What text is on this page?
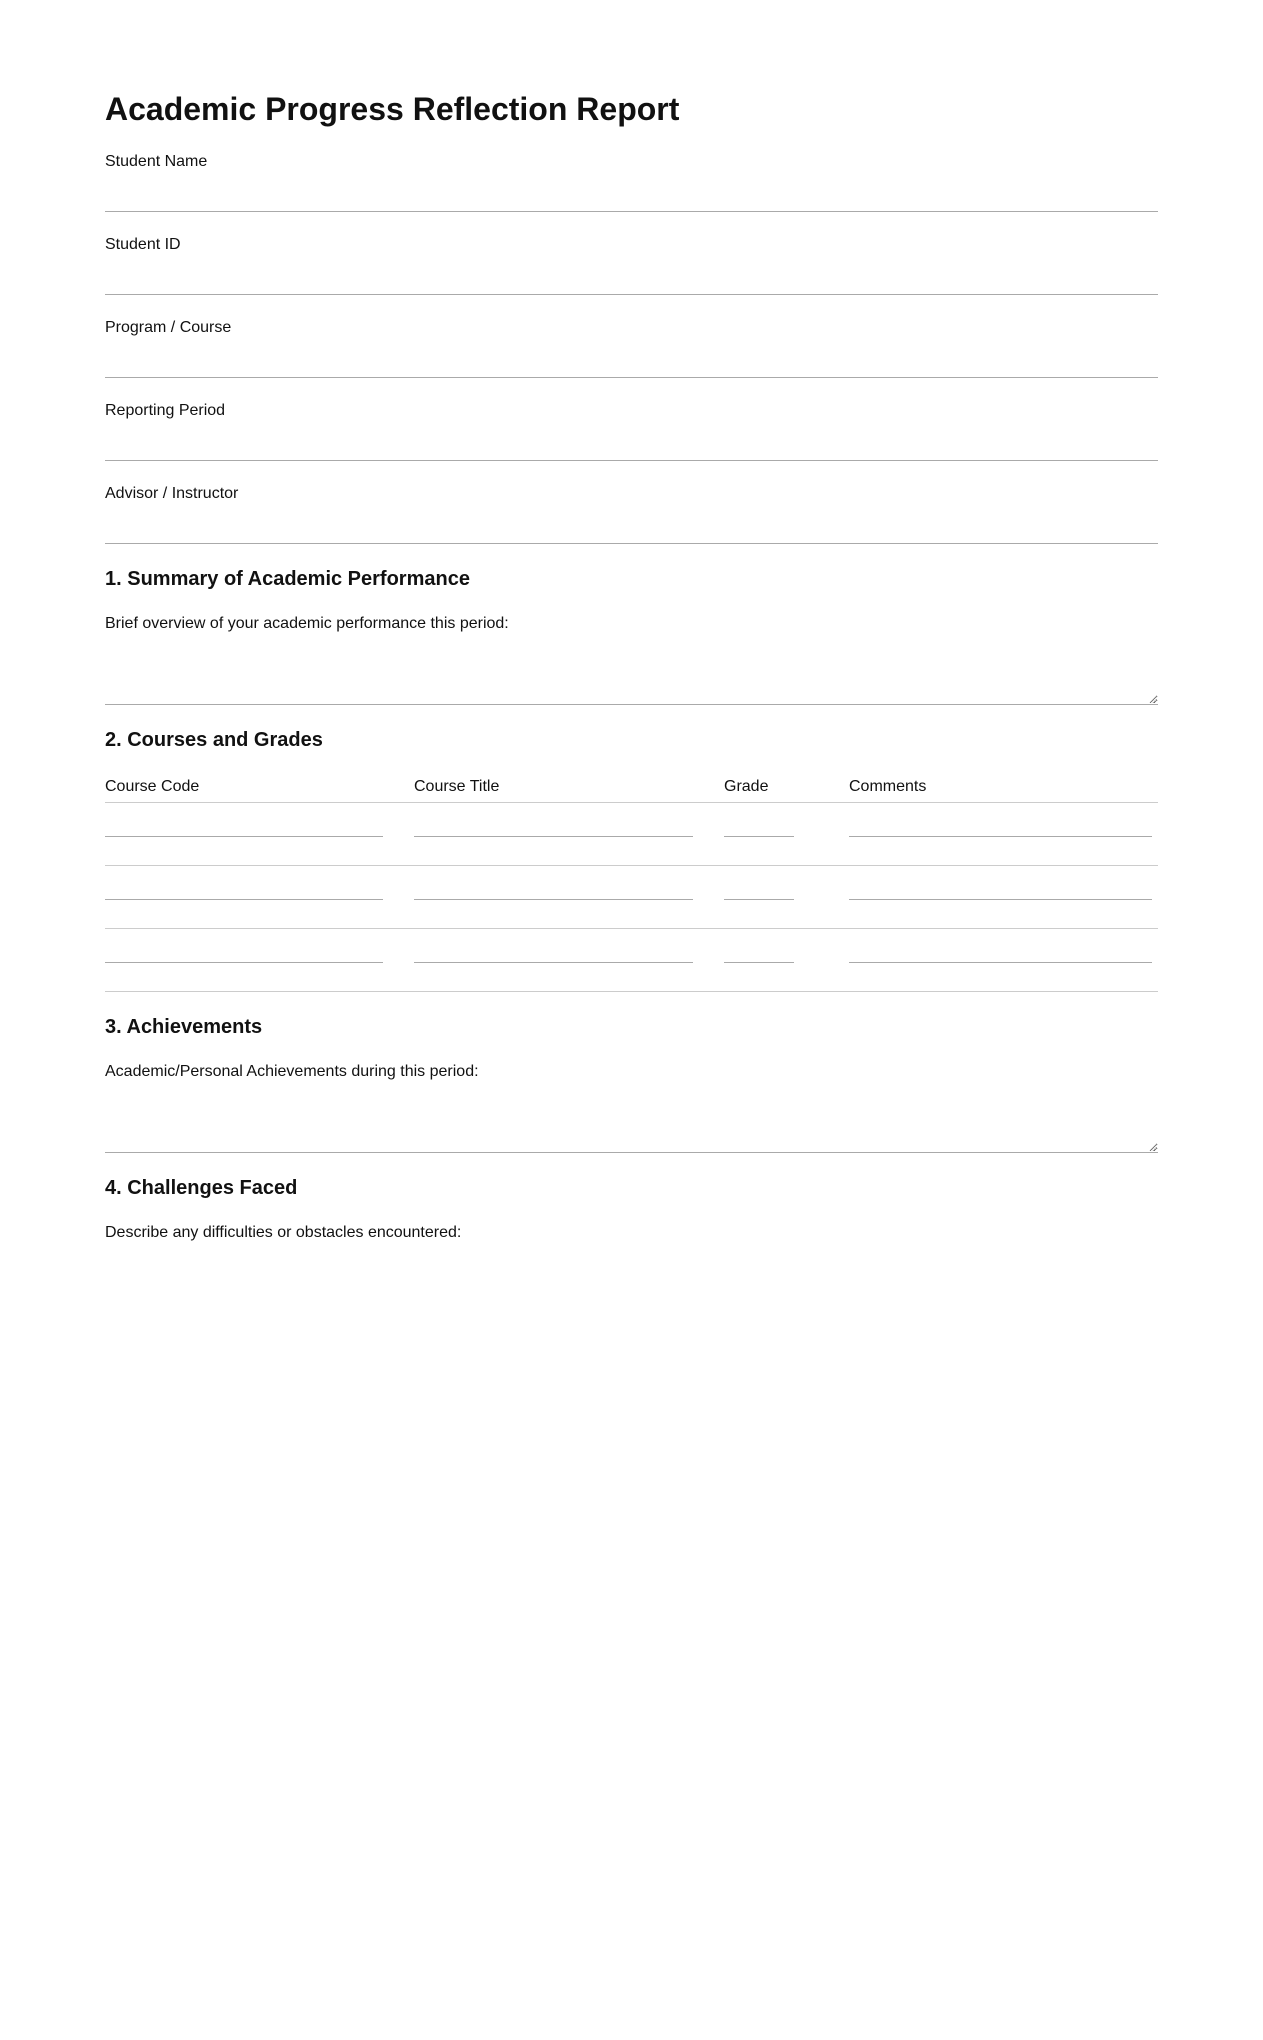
Academic Progress Reflection Report
Student Name
Student ID
Program / Course
Reporting Period
Advisor / Instructor
1. Summary of Academic Performance
Brief overview of your academic performance this period:
2. Courses and Grades
Course Code	Course Title	Grade	Comments

3. Achievements
Academic/Personal Achievements during this period:
4. Challenges Faced
Describe any difficulties or obstacles encountered:
